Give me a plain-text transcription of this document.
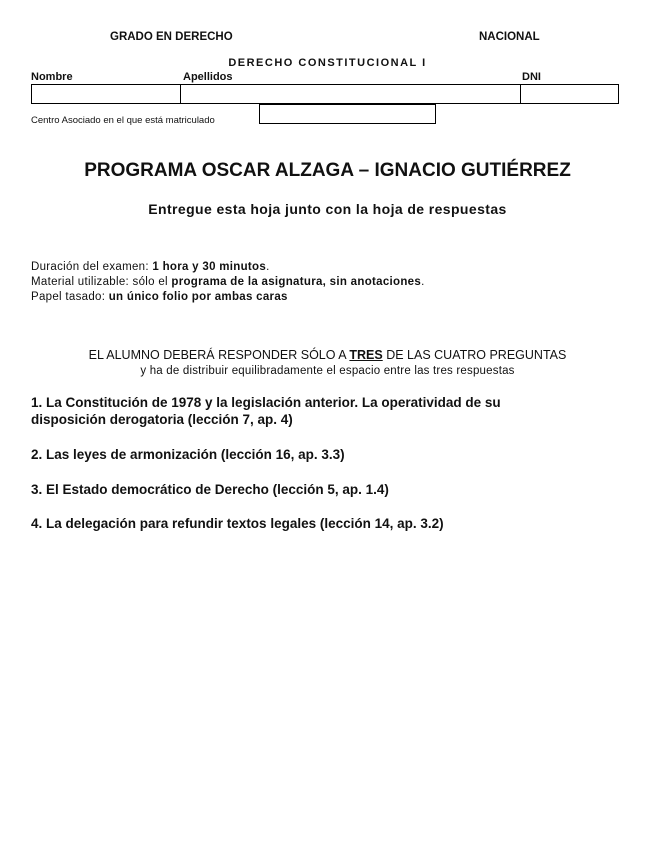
GRADO EN DERECHO	NACIONAL
DERECHO CONSTITUCIONAL I
Nombre	Apellidos	DNI
Centro Asociado en el que está matriculado
PROGRAMA OSCAR ALZAGA – IGNACIO GUTIÉRREZ
Entregue esta hoja junto con la hoja de respuestas
Duración del examen: 1 hora y 30 minutos.
Material utilizable: sólo el programa de la asignatura, sin anotaciones.
Papel tasado: un único folio por ambas caras
EL ALUMNO DEBERÁ RESPONDER SÓLO A TRES DE LAS CUATRO PREGUNTAS
y ha de distribuir equilibradamente el espacio entre las tres respuestas
1. La Constitución de 1978 y la legislación anterior. La operatividad de su
disposición derogatoria (lección 7, ap. 4)
2. Las leyes de armonización (lección 16, ap. 3.3)
3. El Estado democrático de Derecho (lección 5, ap. 1.4)
4. La delegación para refundir textos legales (lección 14, ap. 3.2)
